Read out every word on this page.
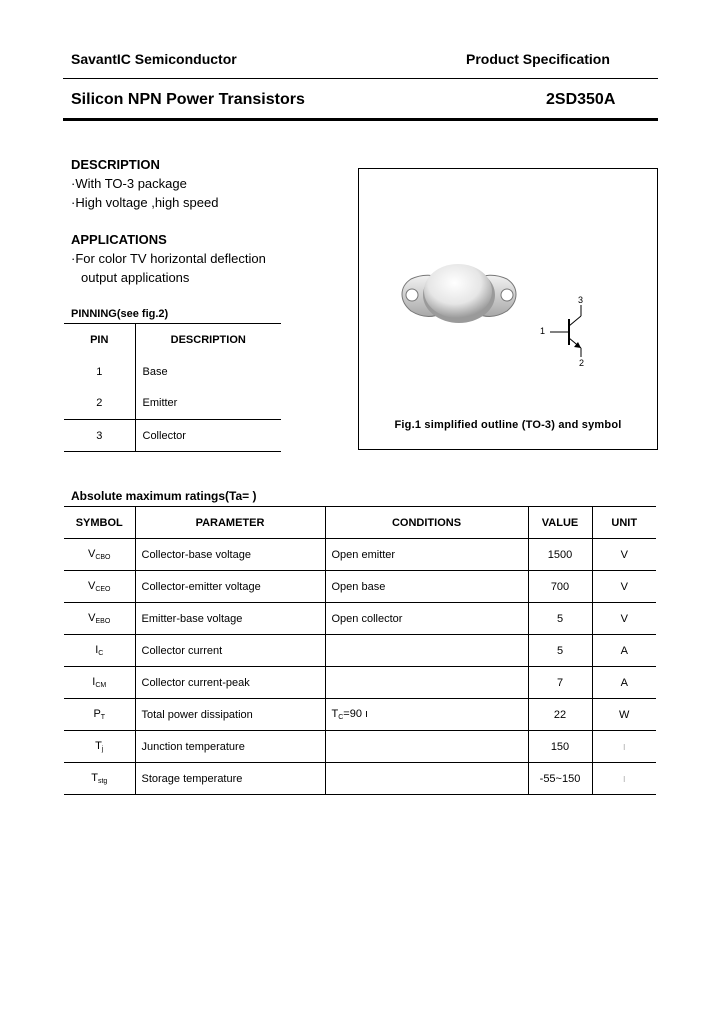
SavantIC Semiconductor	Product Specification
Silicon NPN Power Transistors	2SD350A
DESCRIPTION
·With TO-3 package
·High voltage ,high speed
APPLICATIONS
·For color TV horizontal deflection
output applications
PINNING(see fig.2)
PIN	DESCRIPTION
1	Base
2	Emitter
3	Collector
1
2
3
Fig.1 simplified outline (TO-3) and symbol
Absolute maximum ratings(Ta= )
SYMBOL	PARAMETER	CONDITIONS	VALUE	UNIT
$V_{CBO}$	Collector-base voltage	Open emitter	1500	V
$V_{CEO}$	Collector-emitter voltage	Open base	700	V
$V_{EBO}$	Emitter-base voltage	Open collector	5	V
$I_C$	Collector current		5	A
$I_{CM}$	Collector current-peak		7	A
$P_T$	Total power dissipation	$T_C=90$ ı	22	W
$T_j$	Junction temperature		150	ı
$T_{stg}$	Storage temperature		-55~150	ı
